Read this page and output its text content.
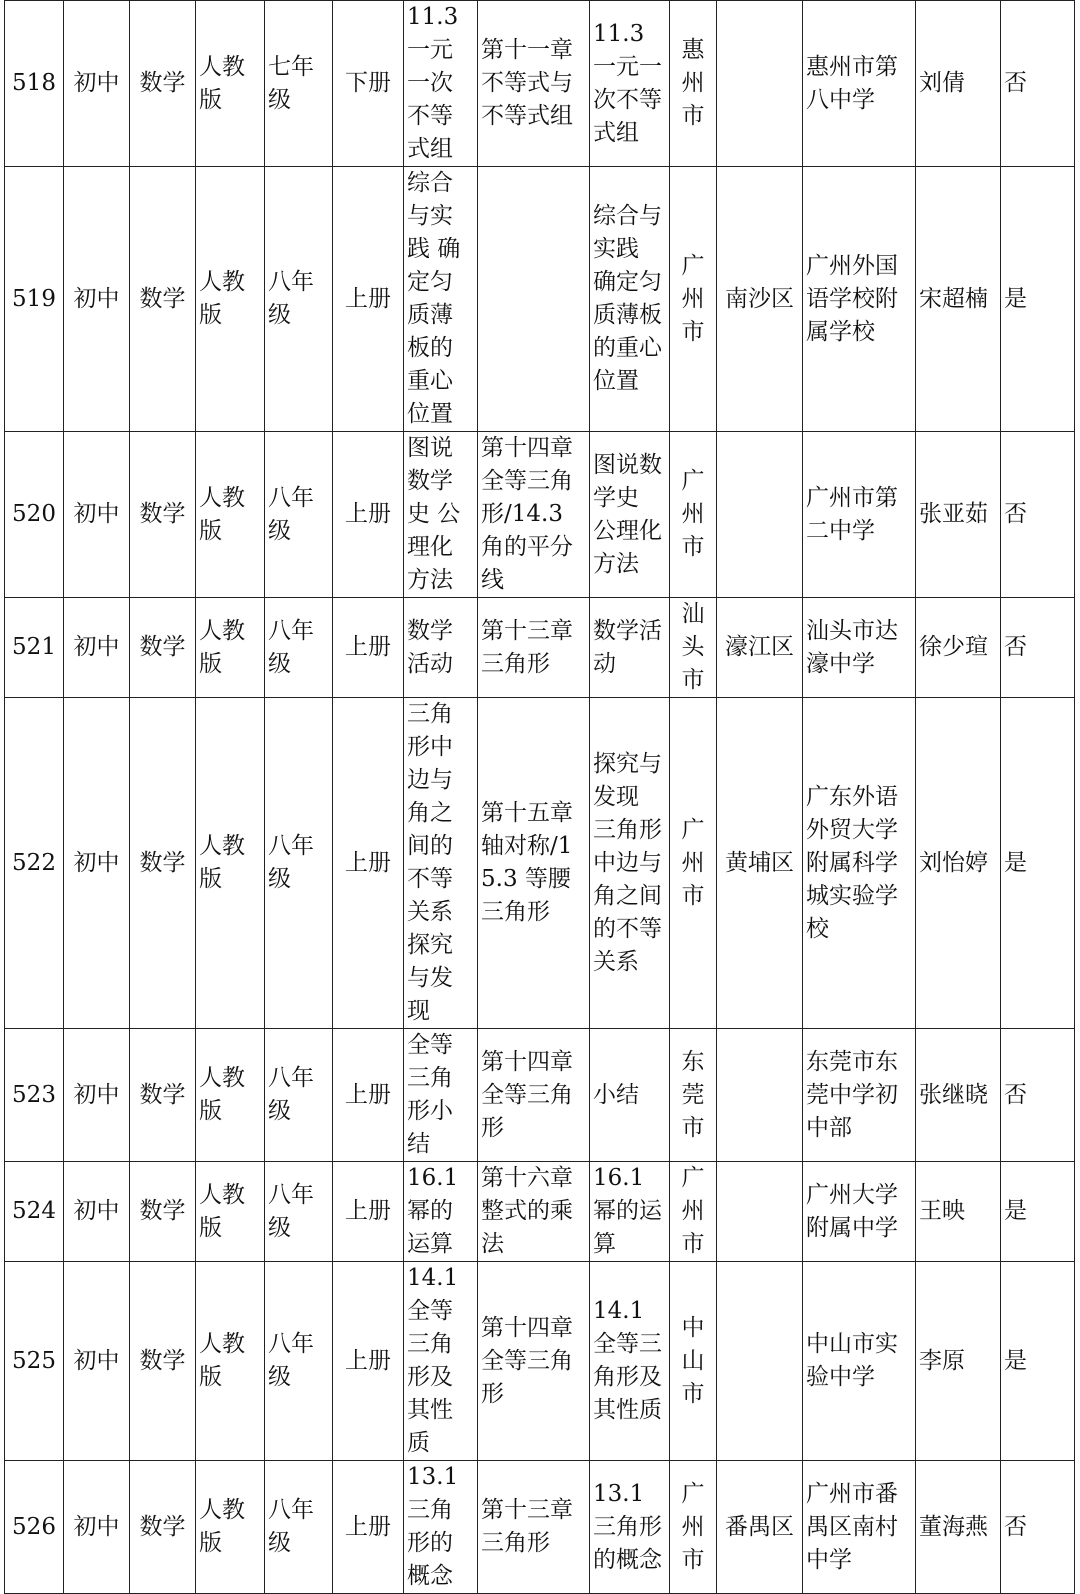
518	初中	数学	人教版	七年级	下册	11.3 一元一次不等式组	第十一章 不等式与不等式组	11.3 一元一次不等式组	惠州市		惠州市第八中学	刘倩	否
519	初中	数学	人教版	八年级	上册	综合与实践 确定匀质薄板的重心位置		综合与实践 确定匀质薄板的重心位置	广州市	南沙区	广州外国语学校附属学校	宋超楠	是
520	初中	数学	人教版	八年级	上册	图说数学史 公理化方法	第十四章 全等三角形/14.3 角的平分线	图说数学史 公理化方法	广州市		广州市第二中学	张亚茹	否
521	初中	数学	人教版	八年级	上册	数学活动	第十三章 三角形	数学活动	汕头市	濠江区	汕头市达濠中学	徐少瑄	否
522	初中	数学	人教版	八年级	上册	三角形中边与角之间的不等关系探究与发现	第十五章 轴对称/15.3 等腰三角形	探究与发现 三角形中边与角之间的不等关系	广州市	黄埔区	广东外语外贸大学附属科学城实验学校	刘怡婷	是
523	初中	数学	人教版	八年级	上册	全等三角形小结	第十四章 全等三角形	小结	东莞市		东莞市东莞中学初中部	张继晓	否
524	初中	数学	人教版	八年级	上册	16.1 幂的运算	第十六章 整式的乘法	16.1 幂的运算	广州市		广州大学附属中学	王映	是
525	初中	数学	人教版	八年级	上册	14.1 全等三角形及其性质	第十四章 全等三角形	14.1 全等三角形及其性质	中山市		中山市实验中学	李原	是
526	初中	数学	人教版	八年级	上册	13.1 三角形的概念	第十三章 三角形	13.1 三角形的概念	广州市	番禺区	广州市番禺区南村中学	董海燕	否
